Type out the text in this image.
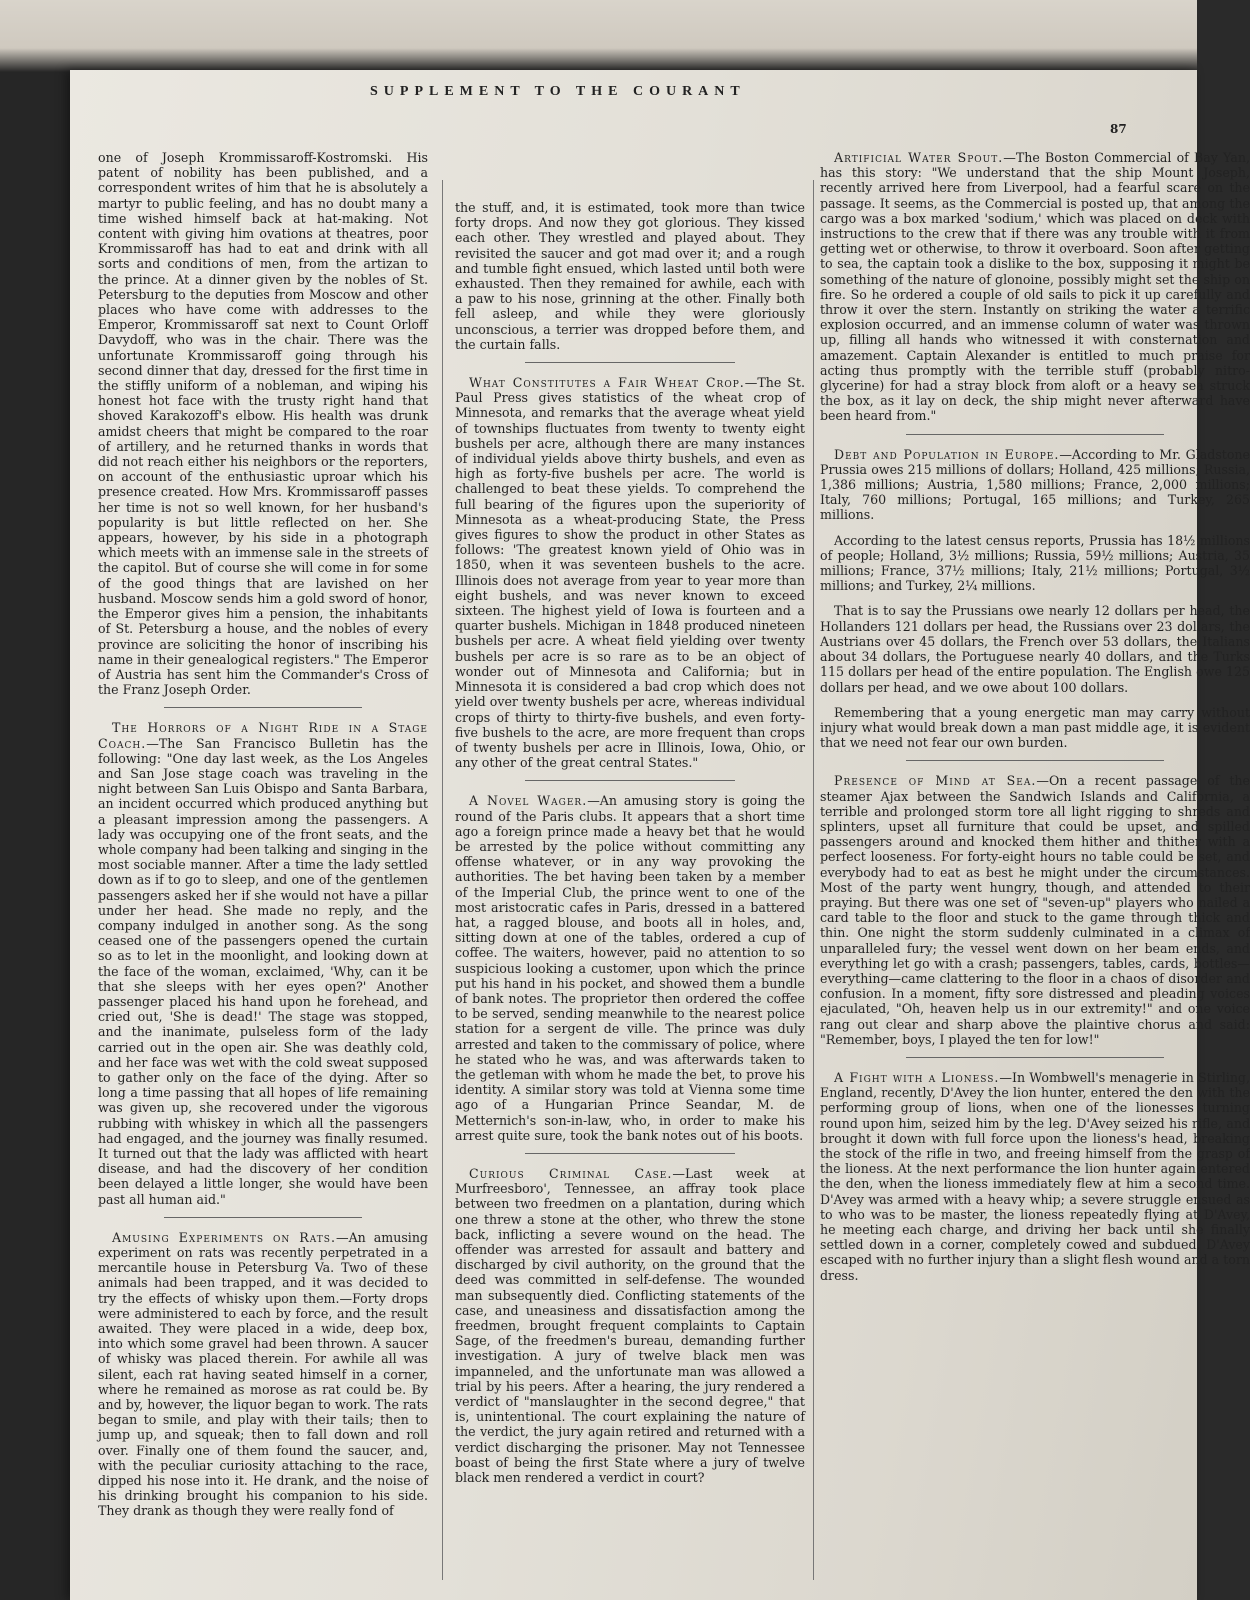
SUPPLEMENT TO THE COURANT
87

one of Joseph Krommissaroff-Kostromski. His patent of nobility has been published, and a correspondent writes of him that he is absolutely a martyr to public feeling, and has no doubt many a time wished himself back at hat-making. Not content with giving him ovations at theatres, poor Krommissaroff has had to eat and drink with all sorts and conditions of men, from the artizan to the prince. At a dinner given by the nobles of St. Petersburg to the deputies from Moscow and other places who have come with addresses to the Emperor, Krommissaroff sat next to Count Orloff Davydoff, who was in the chair. There was the unfortunate Krommissaroff going through his second dinner that day, dressed for the first time in the stiffly uniform of a nobleman, and wiping his honest hot face with the trusty right hand that shoved Karakozoff's elbow. His health was drunk amidst cheers that might be compared to the roar of artillery, and he returned thanks in words that did not reach either his neighbors or the reporters, on account of the enthusiastic uproar which his presence created. How Mrs. Krommissaroff passes her time is not so well known, for her husband's popularity is but little reflected on her. She appears, however, by his side in a photograph which meets with an immense sale in the streets of the capitol. But of course she will come in for some of the good things that are lavished on her husband. Moscow sends him a gold sword of honor, the Emperor gives him a pension, the inhabitants of St. Petersburg a house, and the nobles of every province are soliciting the honor of inscribing his name in their genealogical registers." The Emperor of Austria has sent him the Commander's Cross of the Franz Joseph Order.

The Horrors of a Night Ride in a Stage Coach.—The San Francisco Bulletin has the following: "One day last week, as the Los Angeles and San Jose stage coach was traveling in the night between San Luis Obispo and Santa Barbara, an incident occurred which produced anything but a pleasant impression among the passengers. A lady was occupying one of the front seats, and the whole company had been talking and singing in the most sociable manner. After a time the lady settled down as if to go to sleep, and one of the gentlemen passengers asked her if she would not have a pillar under her head. She made no reply, and the company indulged in another song. As the song ceased one of the passengers opened the curtain so as to let in the moonlight, and looking down at the face of the woman, exclaimed, 'Why, can it be that she sleeps with her eyes open?' Another passenger placed his hand upon he forehead, and cried out, 'She is dead!' The stage was stopped, and the inanimate, pulseless form of the lady carried out in the open air. She was deathly cold, and her face was wet with the cold sweat supposed to gather only on the face of the dying. After so long a time passing that all hopes of life remaining was given up, she recovered under the vigorous rubbing with whiskey in which all the passengers had engaged, and the journey was finally resumed. It turned out that the lady was afflicted with heart disease, and had the discovery of her condition been delayed a little longer, she would have been past all human aid."

Amusing Experiments on Rats.—An amusing experiment on rats was recently perpetrated in a mercantile house in Petersburg Va. Two of these animals had been trapped, and it was decided to try the effects of whisky upon them.—Forty drops were administered to each by force, and the result awaited. They were placed in a wide, deep box, into which some gravel had been thrown. A saucer of whisky was placed therein. For awhile all was silent, each rat having seated himself in a corner, where he remained as morose as rat could be. By and by, however, the liquor began to work. The rats began to smile, and play with their tails; then to jump up, and squeak; then to fall down and roll over. Finally one of them found the saucer, and, with the peculiar curiosity attaching to the race, dipped his nose into it. He drank, and the noise of his drinking brought his companion to his side. They drank as though they were really fond of

the stuff, and, it is estimated, took more than twice forty drops. And now they got glorious. They kissed each other. They wrestled and played about. They revisited the saucer and got mad over it; and a rough and tumble fight ensued, which lasted until both were exhausted. Then they remained for awhile, each with a paw to his nose, grinning at the other. Finally both fell asleep, and while they were gloriously unconscious, a terrier was dropped before them, and the curtain falls.

What Constitutes a Fair Wheat Crop.—The St. Paul Press gives statistics of the wheat crop of Minnesota, and remarks that the average wheat yield of townships fluctuates from twenty to twenty eight bushels per acre, although there are many instances of individual yields above thirty bushels, and even as high as forty-five bushels per acre. The world is challenged to beat these yields. To comprehend the full bearing of the figures upon the superiority of Minnesota as a wheat-producing State, the Press gives figures to show the product in other States as follows: 'The greatest known yield of Ohio was in 1850, when it was seventeen bushels to the acre. Illinois does not average from year to year more than eight bushels, and was never known to exceed sixteen. The highest yield of Iowa is fourteen and a quarter bushels. Michigan in 1848 produced nineteen bushels per acre. A wheat field yielding over twenty bushels per acre is so rare as to be an object of wonder out of Minnesota and California; but in Minnesota it is considered a bad crop which does not yield over twenty bushels per acre, whereas individual crops of thirty to thirty-five bushels, and even forty-five bushels to the acre, are more frequent than crops of twenty bushels per acre in Illinois, Iowa, Ohio, or any other of the great central States."

A Novel Wager.—An amusing story is going the round of the Paris clubs. It appears that a short time ago a foreign prince made a heavy bet that he would be arrested by the police without committing any offense whatever, or in any way provoking the authorities. The bet having been taken by a member of the Imperial Club, the prince went to one of the most aristocratic cafes in Paris, dressed in a battered hat, a ragged blouse, and boots all in holes, and, sitting down at one of the tables, ordered a cup of coffee. The waiters, however, paid no attention to so suspicious looking a customer, upon which the prince put his hand in his pocket, and showed them a bundle of bank notes. The proprietor then ordered the coffee to be served, sending meanwhile to the nearest police station for a sergent de ville. The prince was duly arrested and taken to the commissary of police, where he stated who he was, and was afterwards taken to the getleman with whom he made the bet, to prove his identity. A similar story was told at Vienna some time ago of a Hungarian Prince Seandar, M. de Metternich's son-in-law, who, in order to make his arrest quite sure, took the bank notes out of his boots.

Curious Criminal Case.—Last week at Murfreesboro', Tennessee, an affray took place between two freedmen on a plantation, during which one threw a stone at the other, who threw the stone back, inflicting a severe wound on the head. The offender was arrested for assault and battery and discharged by civil authority, on the ground that the deed was committed in self-defense. The wounded man subsequently died. Conflicting statements of the case, and uneasiness and dissatisfaction among the freedmen, brought frequent complaints to Captain Sage, of the freedmen's bureau, demanding further investigation. A jury of twelve black men was impanneled, and the unfortunate man was allowed a trial by his peers. After a hearing, the jury rendered a verdict of "manslaughter in the second degree," that is, unintentional. The court explaining the nature of the verdict, the jury again retired and returned with a verdict discharging the prisoner. May not Tennessee boast of being the first State where a jury of twelve black men rendered a verdict in court?

Artificial Water Spout.—The Boston Commercial of Bay Yan, has this story: "We understand that the ship Mount Joseph, recently arrived here from Liverpool, had a fearful scare on the passage. It seems, as the Commercial is posted up, that among the cargo was a box marked 'sodium,' which was placed on deck with instructions to the crew that if there was any trouble with it from getting wet or otherwise, to throw it overboard. Soon after getting to sea, the captain took a dislike to the box, supposing it might be something of the nature of glonoine, possibly might set the ship on fire. So he ordered a couple of old sails to pick it up carefully and throw it over the stern. Instantly on striking the water a terrific explosion occurred, and an immense column of water was thrown up, filling all hands who witnessed it with consternation and amazement. Captain Alexander is entitled to much praise for acting thus promptly with the terrible stuff (probably nitro-glycerine) for had a stray block from aloft or a heavy sea struck the box, as it lay on deck, the ship might never afterward have been heard from."

Debt and Population in Europe.—According to Mr. Gladstone Prussia owes 215 millions of dollars; Holland, 425 millions; Russia, 1,386 millions; Austria, 1,580 millions; France, 2,000 millions; Italy, 760 millions; Portugal, 165 millions; and Turkey, 265 millions.

According to the latest census reports, Prussia has 18½ millions of people; Holland, 3½ millions; Russia, 59½ millions; Austria, 35 millions; France, 37½ millions; Italy, 21½ millions; Portugal, 3½ millions; and Turkey, 2¼ millions.

That is to say the Prussians owe nearly 12 dollars per head, the Hollanders 121 dollars per head, the Russians over 23 dollars, the Austrians over 45 dollars, the French over 53 dollars, the Italians about 34 dollars, the Portuguese nearly 40 dollars, and the Turks 115 dollars per head of the entire population. The English owe 125 dollars per head, and we owe about 100 dollars.

Remembering that a young energetic man may carry without injury what would break down a man past middle age, it is evident that we need not fear our own burden.

Presence of Mind at Sea.—On a recent passage of the steamer Ajax between the Sandwich Islands and California, a terrible and prolonged storm tore all light rigging to shreds and splinters, upset all furniture that could be upset, and spilled passengers around and knocked them hither and thither with a perfect looseness. For forty-eight hours no table could be set, and everybody had to eat as best he might under the circumstances. Most of the party went hungry, though, and attended to their praying. But there was one set of "seven-up" players who nailed a card table to the floor and stuck to the game through thick and thin. One night the storm suddenly culminated in a climax of unparalleled fury; the vessel went down on her beam ends, and everything let go with a crash; passengers, tables, cards, bottles—everything—came clattering to the floor in a chaos of disorder and confusion. In a moment, fifty sore distressed and pleading voices ejaculated, "Oh, heaven help us in our extremity!" and one voice rang out clear and sharp above the plaintive chorus and said: "Remember, boys, I played the ten for low!"

A Fight with a Lioness.—In Wombwell's menagerie in Stirling, England, recently, D'Avey the lion hunter, entered the den with the performing group of lions, when one of the lionesses turning round upon him, seized him by the leg. D'Avey seized his rifle, and brought it down with full force upon the lioness's head, breaking the stock of the rifle in two, and freeing himself from the grasp of the lioness. At the next performance the lion hunter again entered the den, when the lioness immediately flew at him a second time. D'Avey was armed with a heavy whip; a severe struggle ensued as to who was to be master, the lioness repeatedly flying at D'Avey, he meeting each charge, and driving her back until she finally settled down in a corner, completely cowed and subdued. D'Avey escaped with no further injury than a slight flesh wound and a torn dress.
